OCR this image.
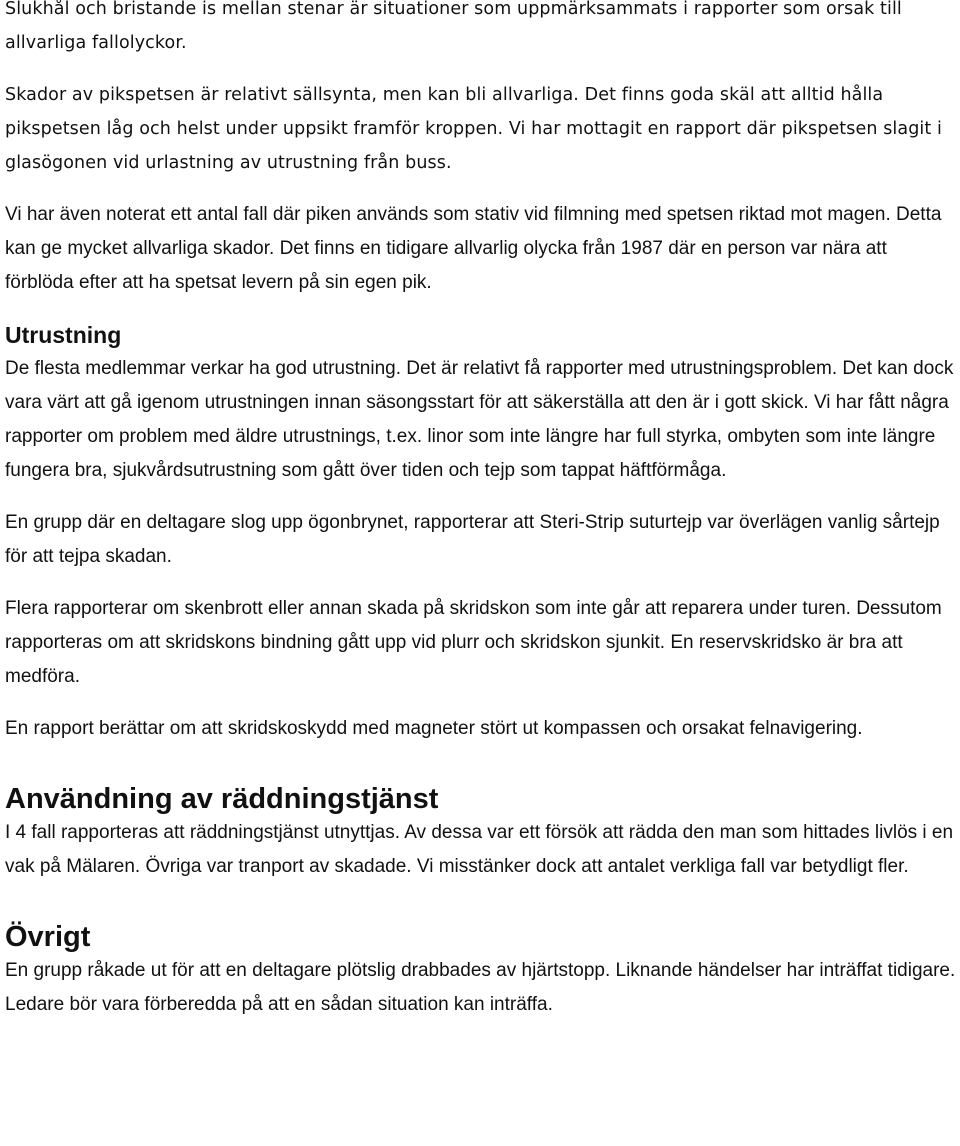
Slukhål och bristande is mellan stenar är situationer som uppmärksammats i rapporter som orsak till allvarliga fallolyckor.

Skador av pikspetsen är relativt sällsynta, men kan bli allvarliga. Det finns goda skäl att alltid hålla pikspetsen låg och helst under uppsikt framför kroppen. Vi har mottagit en rapport där pikspetsen slagit i glasögonen vid urlastning av utrustning från buss.

Vi har även noterat ett antal fall där piken används som stativ vid filmning med spetsen riktad mot magen. Detta kan ge mycket allvarliga skador. Det finns en tidigare allvarlig olycka från 1987 där en person var nära att förblöda efter att ha spetsat levern på sin egen pik.

Utrustning

De flesta medlemmar verkar ha god utrustning. Det är relativt få rapporter med utrustningsproblem. Det kan dock vara värt att gå igenom utrustningen innan säsongsstart för att säkerställa att den är i gott skick. Vi har fått några rapporter om problem med äldre utrustnings, t.ex. linor som inte längre har full styrka, ombyten som inte längre fungera bra, sjukvårdsutrustning som gått över tiden och tejp som tappat häftförmåga.

En grupp där en deltagare slog upp ögonbrynet, rapporterar att Steri-Strip suturtejp var överlägen vanlig sårtejp för att tejpa skadan.

Flera rapporterar om skenbrott eller annan skada på skridskon som inte går att reparera under turen. Dessutom rapporteras om att skridskons bindning gått upp vid plurr och skridskon sjunkit. En reservskridsko är bra att medföra.

En rapport berättar om att skridskoskydd med magneter stört ut kompassen och orsakat felnavigering.

Användning av räddningstjänst

I 4 fall rapporteras att räddningstjänst utnyttjas. Av dessa var ett försök att rädda den man som hittades livlös i en vak på Mälaren. Övriga var tranport av skadade. Vi misstänker dock att antalet verkliga fall var betydligt fler.

Övrigt

En grupp råkade ut för att en deltagare plötslig drabbades av hjärtstopp. Liknande händelser har inträffat tidigare. Ledare bör vara förberedda på att en sådan situation kan inträffa.
